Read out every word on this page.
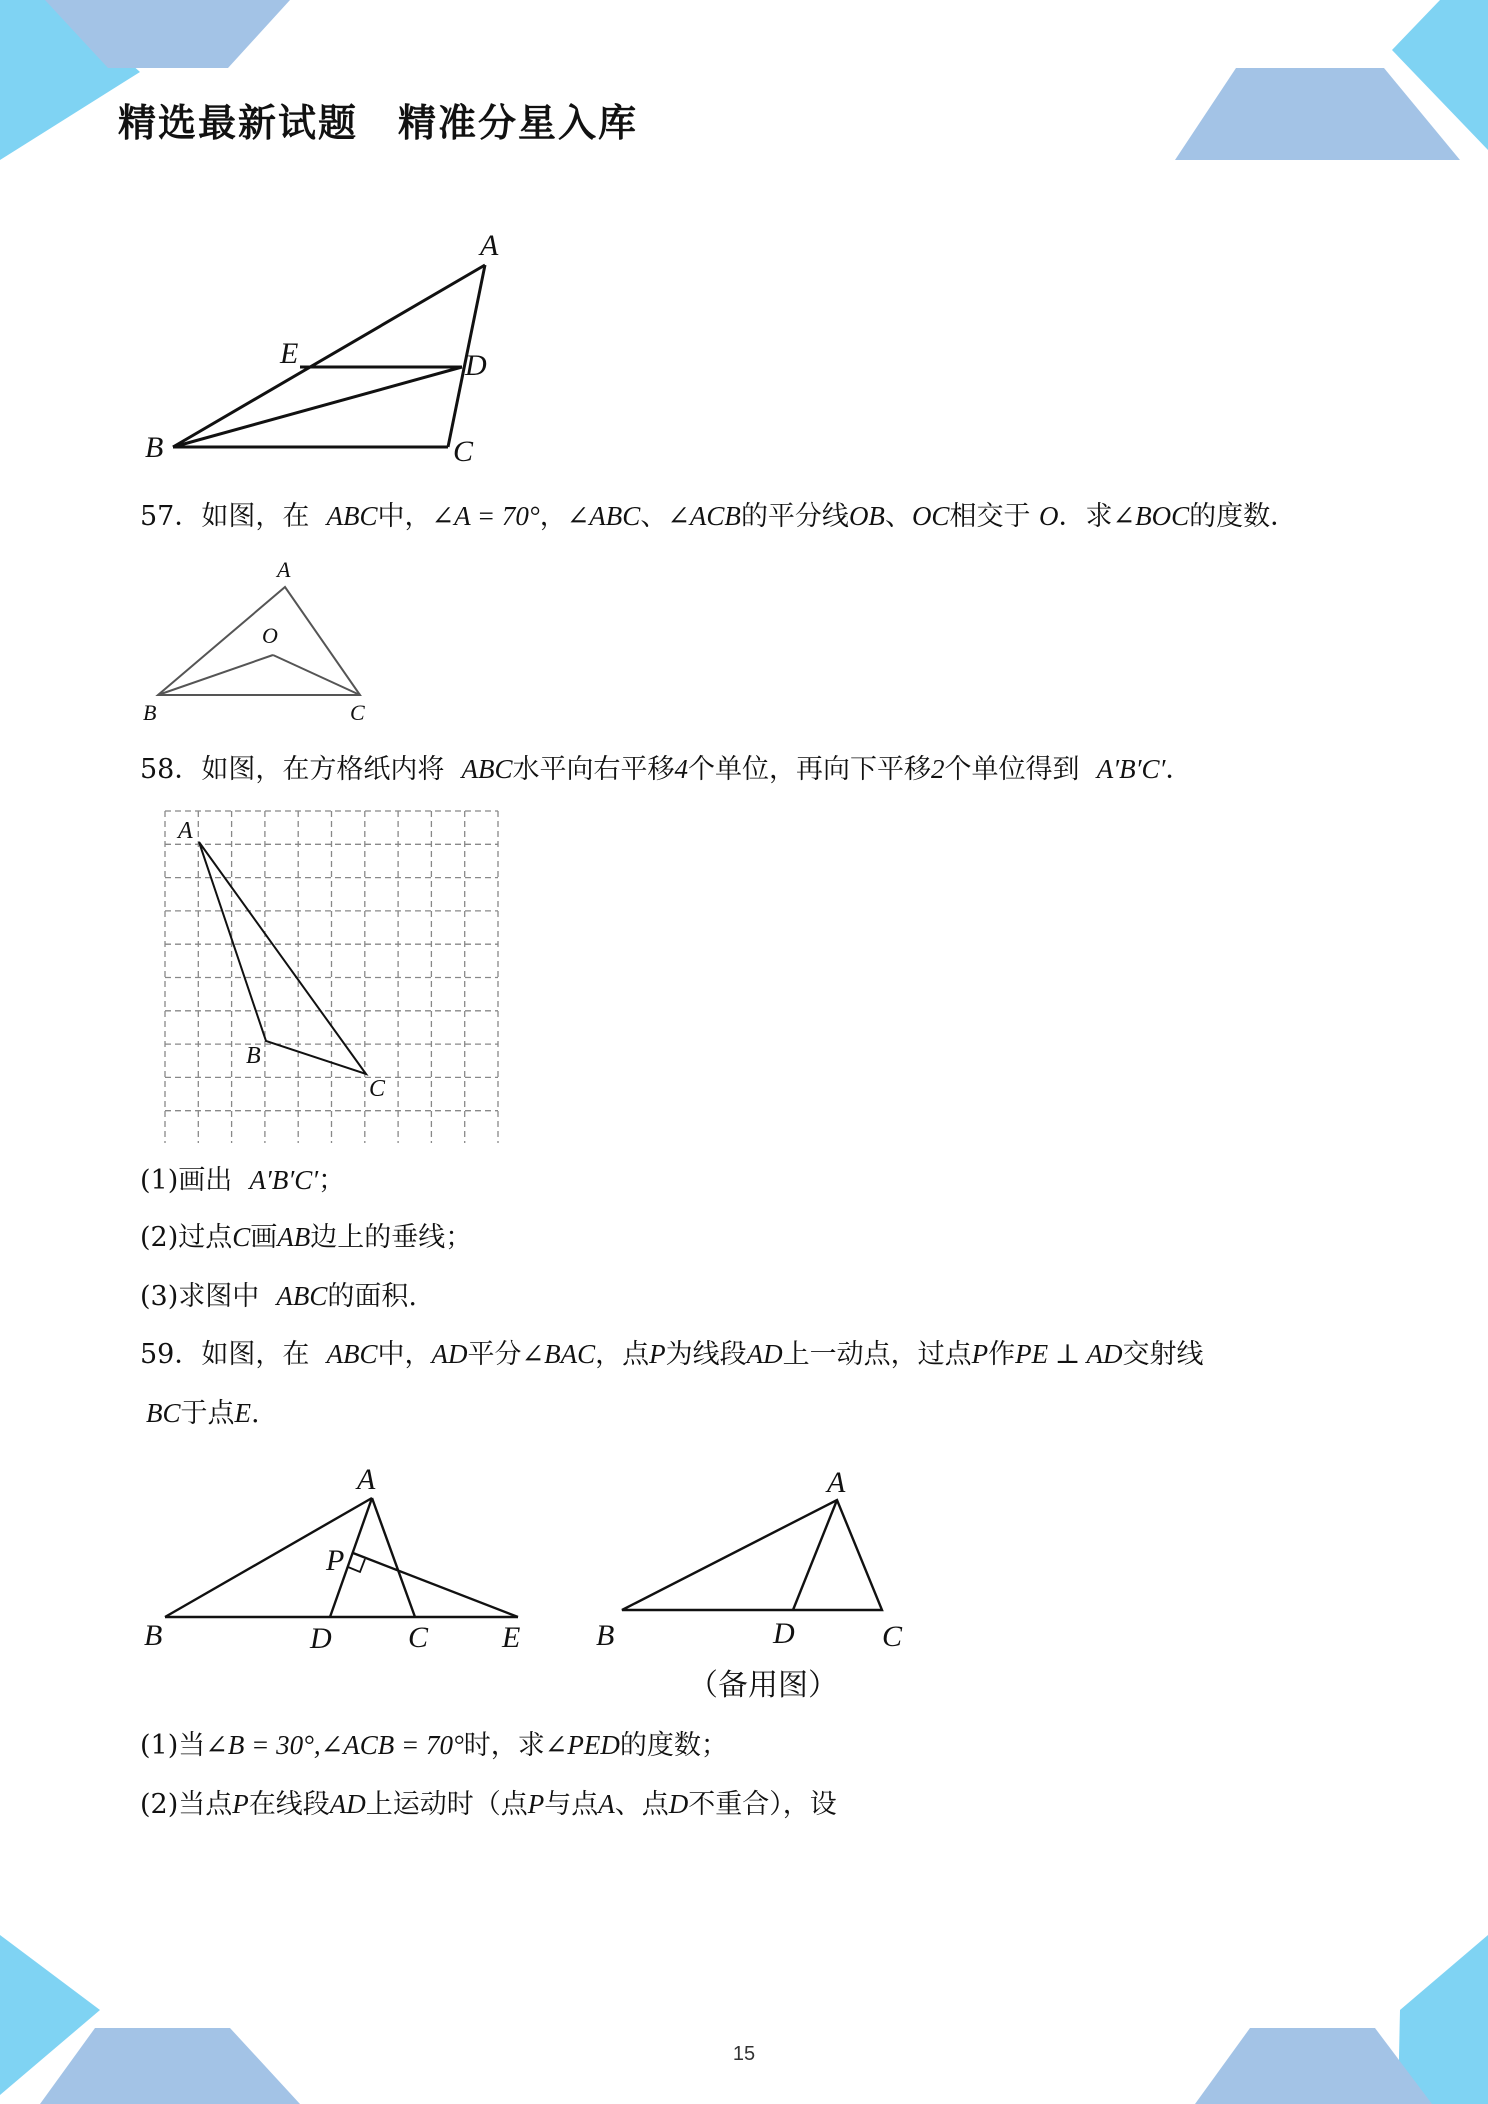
精选最新试题　精准分星入库
A
E	D
B	C
57．如图，在 ABC中，∠A = 70°，∠ABC、∠ACB的平分线OB、OC相交于 O．求∠BOC的度数．
A
O
B	C
58．如图，在方格纸内将 ABC水平向右平移4个单位，再向下平移2个单位得到 A′B′C′．
A
B
C
(1)画出 A′B′C′；
(2)过点C画AB边上的垂线；
(3)求图中 ABC的面积.
59．如图，在 ABC中，AD平分∠BAC，点P为线段AD上一动点，过点P作PE ⊥ AD交射线
BC于点E.
A
P
B	D	C E
A
B	D	C
（备用图）
(1)当∠B = 30°,∠ACB = 70°时，求∠PED的度数；
(2)当点P在线段AD上运动时（点P与点A、点D不重合），设
15
